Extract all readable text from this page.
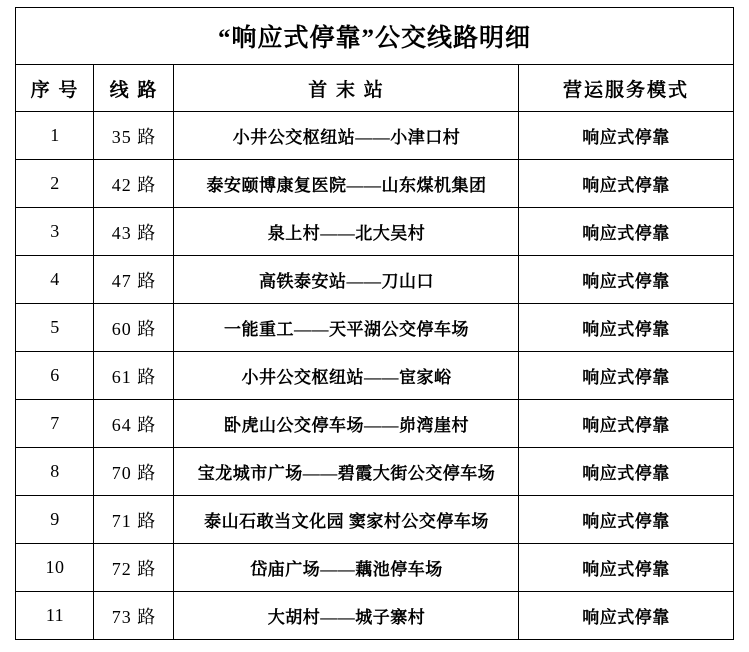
“响应式停靠”公交线路明细			
序 号	线 路	首 末 站	营运服务模式
1	35 路	小井公交枢纽站——小津口村	响应式停靠
2	42 路	泰安颐博康复医院——山东煤机集团	响应式停靠
3	43 路	泉上村——北大吴村	响应式停靠
4	47 路	高铁泰安站——刀山口	响应式停靠
5	60 路	一能重工——天平湖公交停车场	响应式停靠
6	61 路	小井公交枢纽站——宦家峪	响应式停靠
7	64 路	卧虎山公交停车场——峁湾崖村	响应式停靠
8	70 路	宝龙城市广场——碧霞大街公交停车场	响应式停靠
9	71 路	泰山石敢当文化园 窦家村公交停车场	响应式停靠
10	72 路	岱庙广场——藕池停车场	响应式停靠
11	73 路	大胡村——城子寨村	响应式停靠
